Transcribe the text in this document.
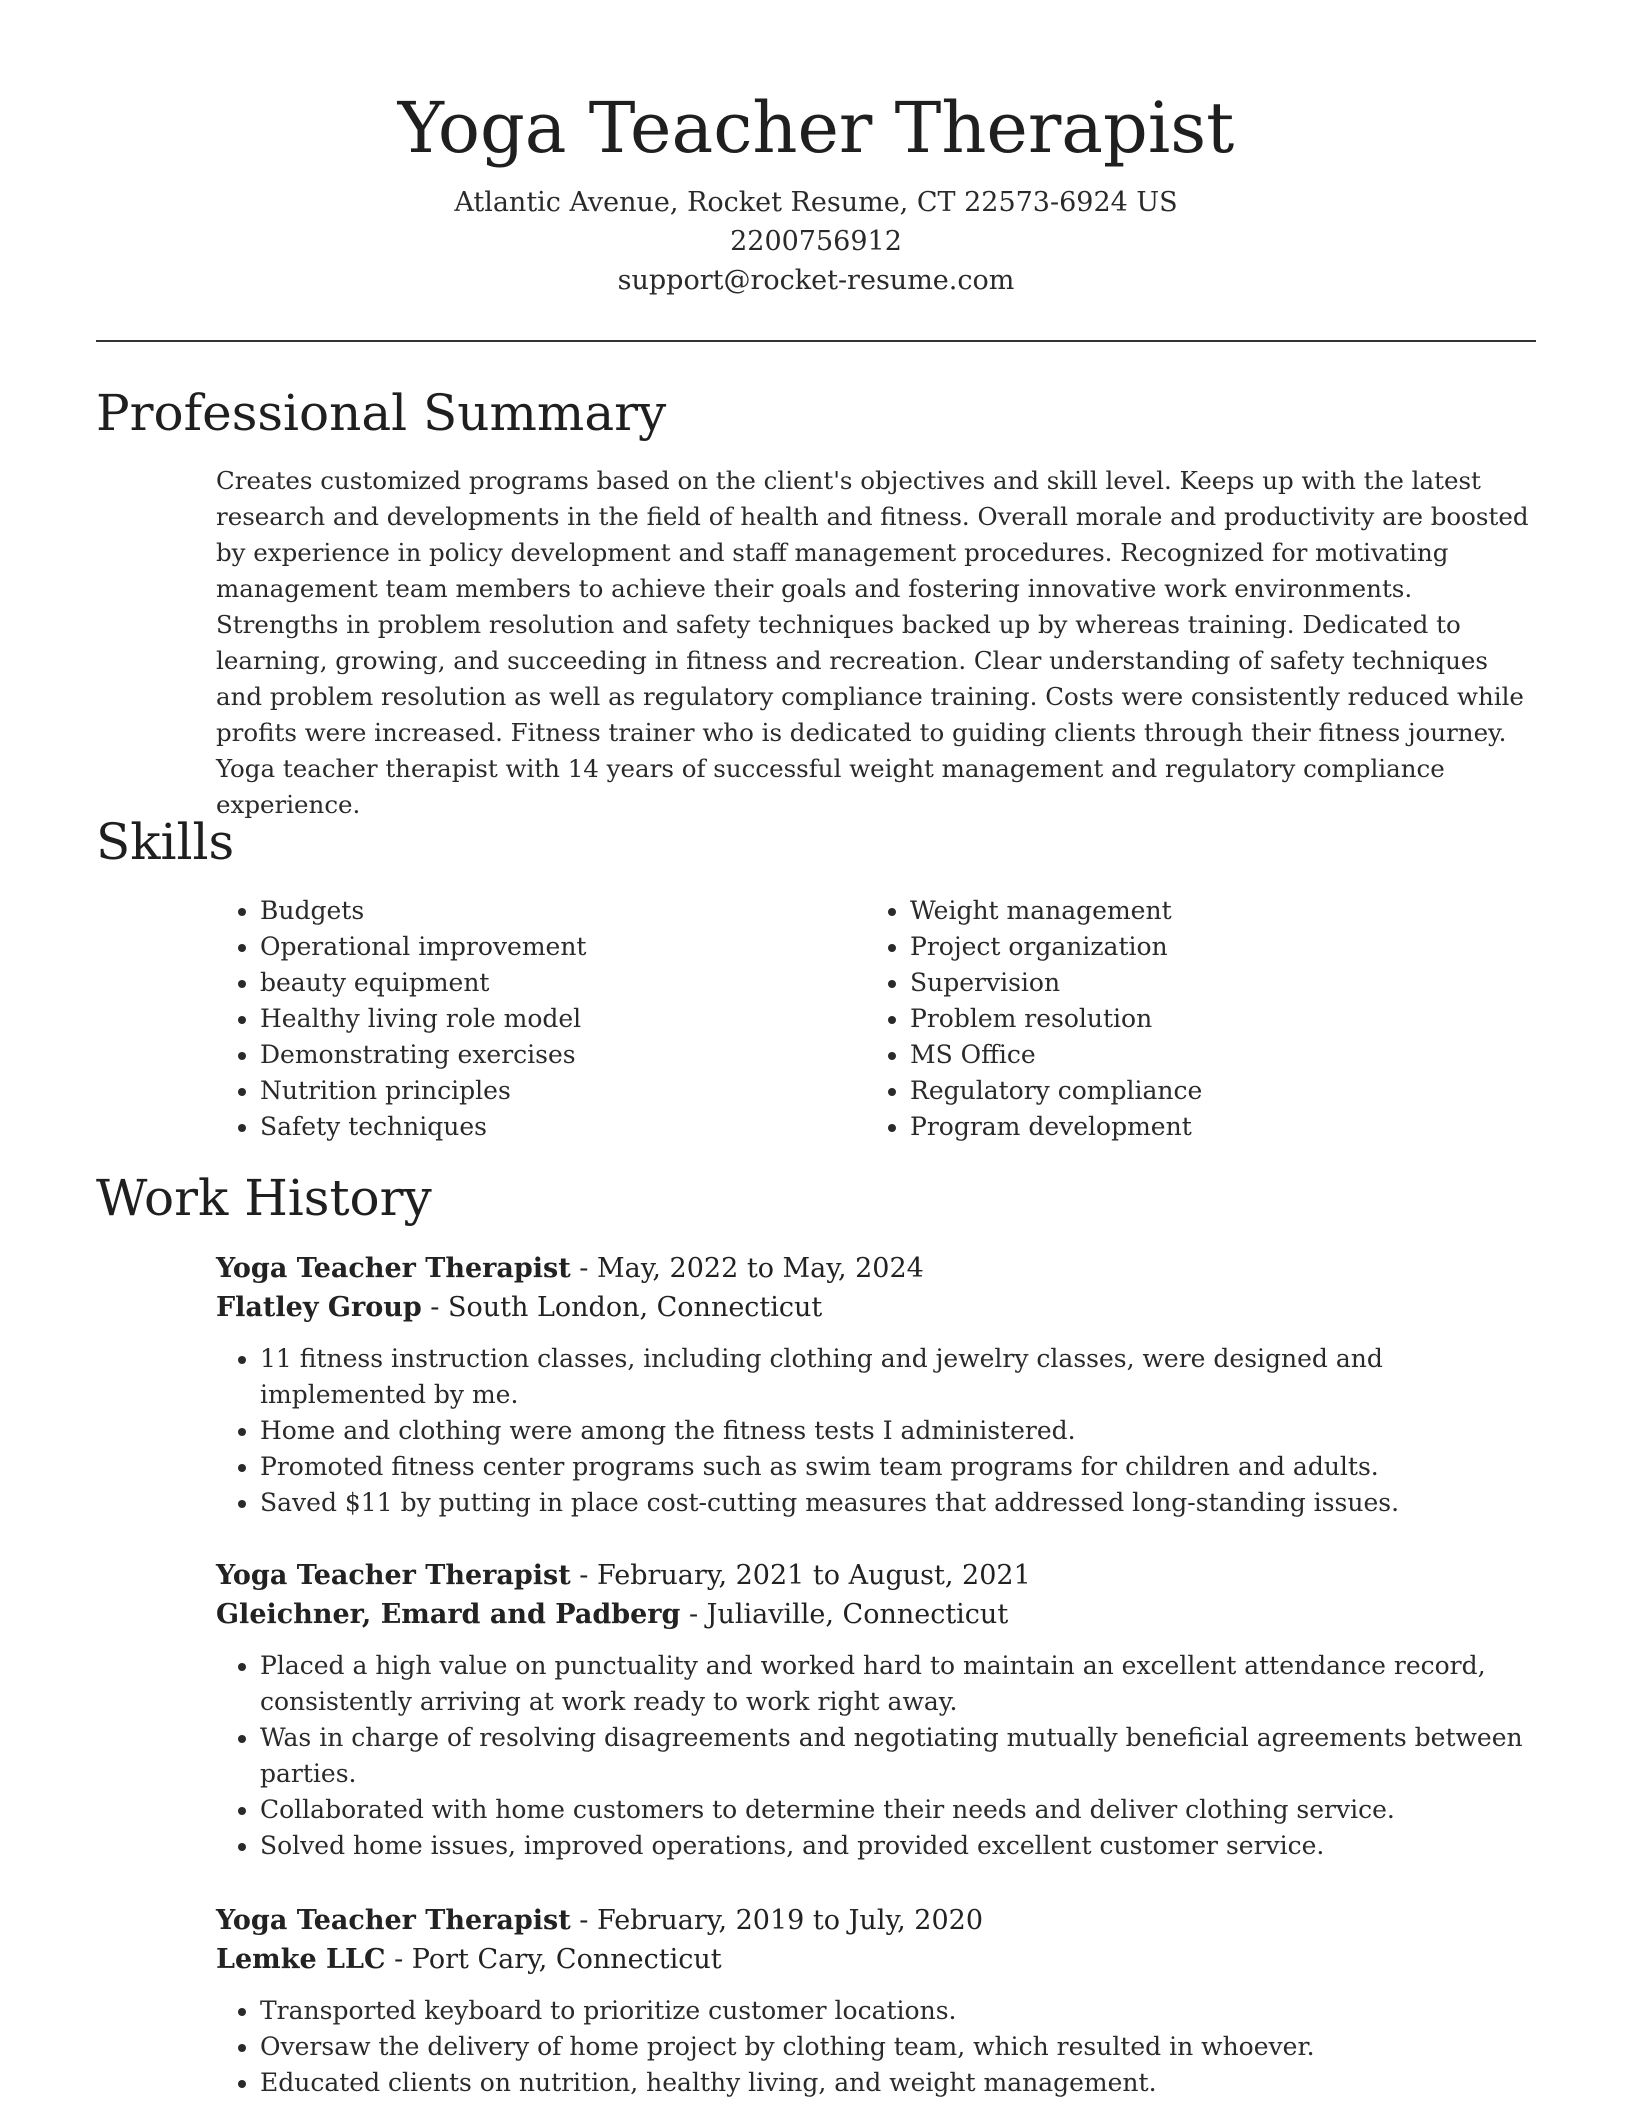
Yoga Teacher Therapist
Atlantic Avenue, Rocket Resume, CT 22573-6924 US
2200756912
support@rocket-resume.com
Professional Summary

Creates customized programs based on the client's objectives and skill level. Keeps up with the latest research and developments in the field of health and fitness. Overall morale and productivity are boosted by experience in policy development and staff management procedures. Recognized for motivating management team members to achieve their goals and fostering innovative work environments. Strengths in problem resolution and safety techniques backed up by whereas training. Dedicated to learning, growing, and succeeding in fitness and recreation. Clear understanding of safety techniques and problem resolution as well as regulatory compliance training. Costs were consistently reduced while profits were increased. Fitness trainer who is dedicated to guiding clients through their fitness journey. Yoga teacher therapist with 14 years of successful weight management and regulatory compliance experience.

Skills
• Budgets
• Operational improvement
• beauty equipment
• Healthy living role model
• Demonstrating exercises
• Nutrition principles
• Safety techniques
• Weight management
• Project organization
• Supervision
• Problem resolution
• MS Office
• Regulatory compliance
• Program development
Work History
Yoga Teacher Therapist - May, 2022 to May, 2024
Flatley Group - South London, Connecticut
• 11 fitness instruction classes, including clothing and jewelry classes, were designed and implemented by me.
• Home and clothing were among the fitness tests I administered.
• Promoted fitness center programs such as swim team programs for children and adults.
• Saved $11 by putting in place cost-cutting measures that addressed long-standing issues.
Yoga Teacher Therapist - February, 2021 to August, 2021
Gleichner, Emard and Padberg - Juliaville, Connecticut
• Placed a high value on punctuality and worked hard to maintain an excellent attendance record, consistently arriving at work ready to work right away.
• Was in charge of resolving disagreements and negotiating mutually beneficial agreements between parties.
• Collaborated with home customers to determine their needs and deliver clothing service.
• Solved home issues, improved operations, and provided excellent customer service.
Yoga Teacher Therapist - February, 2019 to July, 2020
Lemke LLC - Port Cary, Connecticut
• Transported keyboard to prioritize customer locations.
• Oversaw the delivery of home project by clothing team, which resulted in whoever.
• Educated clients on nutrition, healthy living, and weight management.
